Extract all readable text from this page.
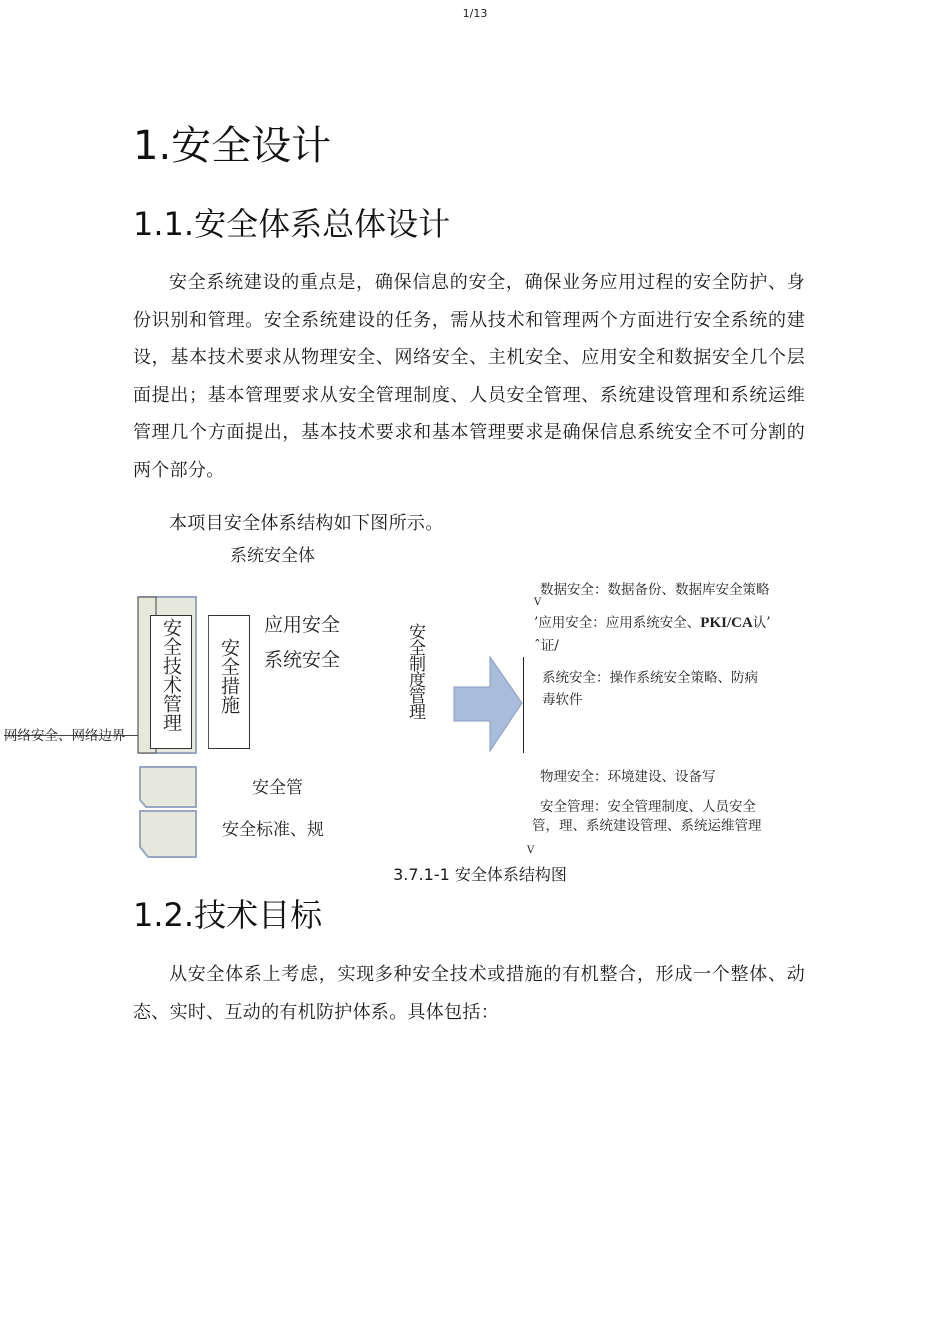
1/13
1.安全设计
1.1.安全体系总体设计
安全系统建设的重点是，确保信息的安全，确保业务应用过程的安全防护、身份识别和管理。安全系统建设的任务，需从技术和管理两个方面进行安全系统的建设，基本技术要求从物理安全、网络安全、主机安全、应用安全和数据安全几个层面提出；基本管理要求从安全管理制度、人员安全管理、系统建设管理和系统运维管理几个方面提出，基本技术要求和基本管理要求是确保信息系统安全不可分割的两个部分。
本项目安全体系结构如下图所示。
系统安全体
安全技术管理	安全措施
应用安全
系统安全
网络安全、网络边界
安全管
安全标准、规
安全制度管理
数据安全：数据备份、数据库安全策略
V
’应用安全：应用系统安全、PKI/CA认’
ˆ证/
系统安全：操作系统安全策略、防病
毒软件
物理安全：环境建设、设备写
安全管理：安全管理制度、人员安全
管，理、系统建设管理、系统运维管理
V
3.7.1-1 安全体系结构图
1.2.技术目标
从安全体系上考虑，实现多种安全技术或措施的有机整合，形成一个整体、动态、实时、互动的有机防护体系。具体包括：
